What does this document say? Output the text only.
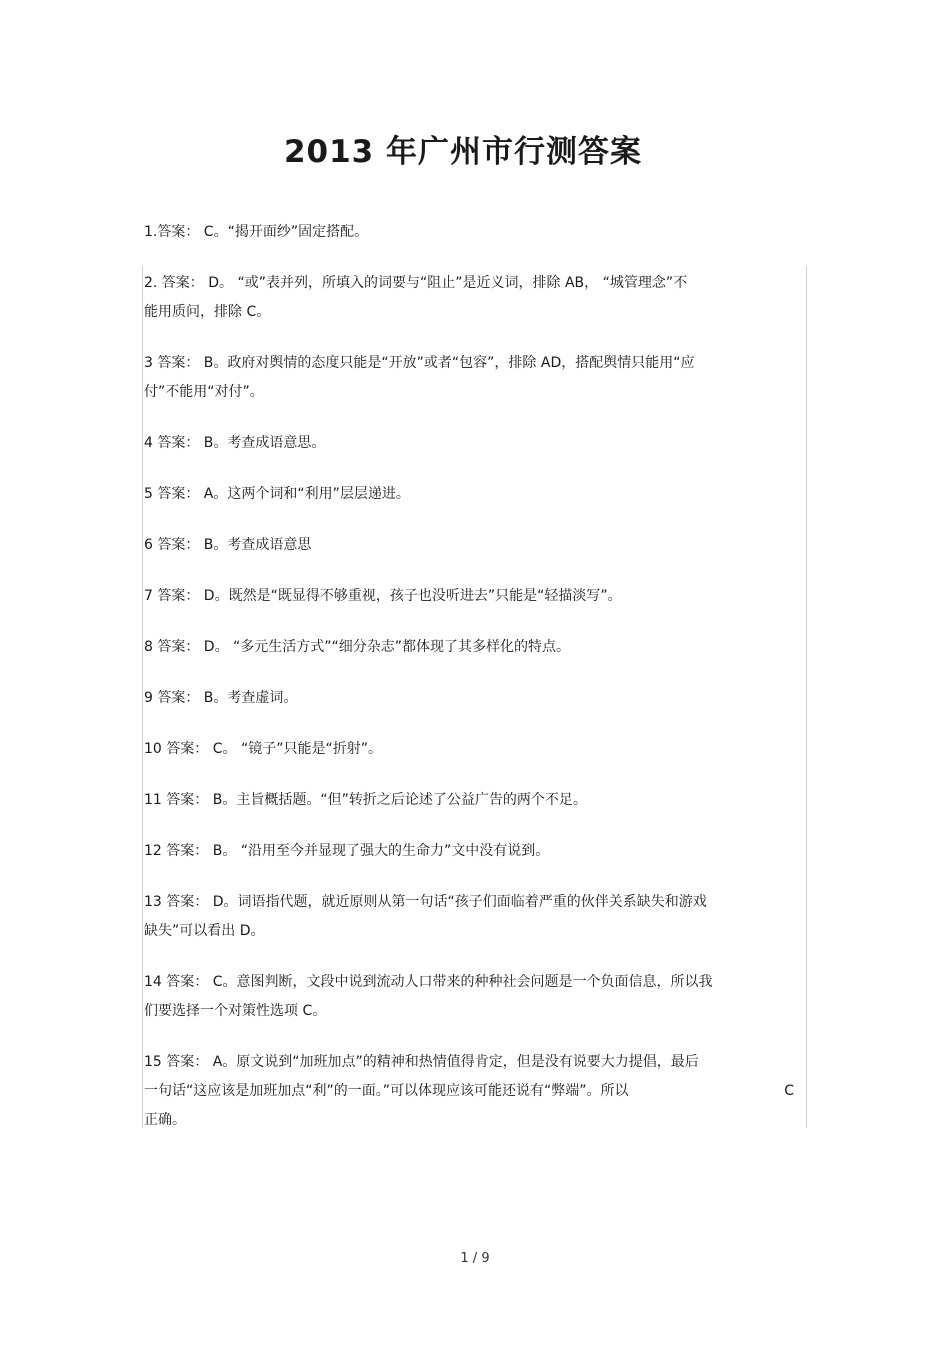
2013 年广州市行测答案

1.答案： C。“揭开面纱”固定搭配。

2. 答案： D。 “或”表并列，所填入的词要与“阻止”是近义词，排除 AB， “城管理念”不
能用质问，排除 C。

3 答案： B。政府对舆情的态度只能是“开放”或者“包容”，排除 AD，搭配舆情只能用“应
付”不能用“对付”。

4 答案： B。考查成语意思。

5 答案： A。这两个词和“利用”层层递进。

6 答案： B。考查成语意思

7 答案： D。既然是“既显得不够重视，孩子也没听进去”只能是“轻描淡写”。

8 答案： D。 “多元生活方式”“细分杂志”都体现了其多样化的特点。

9 答案： B。考查虚词。

10 答案： C。 “镜子”只能是“折射”。

11 答案： B。主旨概括题。“但”转折之后论述了公益广告的两个不足。

12 答案： B。 “沿用至今并显现了强大的生命力”文中没有说到。

13 答案： D。词语指代题，就近原则从第一句话“孩子们面临着严重的伙伴关系缺失和游戏
缺失”可以看出 D。

14 答案： C。意图判断，文段中说到流动人口带来的种种社会问题是一个负面信息，所以我
们要选择一个对策性选项 C。

15 答案： A。原文说到“加班加点”的精神和热情值得肯定，但是没有说要大力提倡，最后
一句话“这应该是加班加点“利”的一面。”可以体现应该可能还说有“弊端”。所以	C
正确。

1 / 9
